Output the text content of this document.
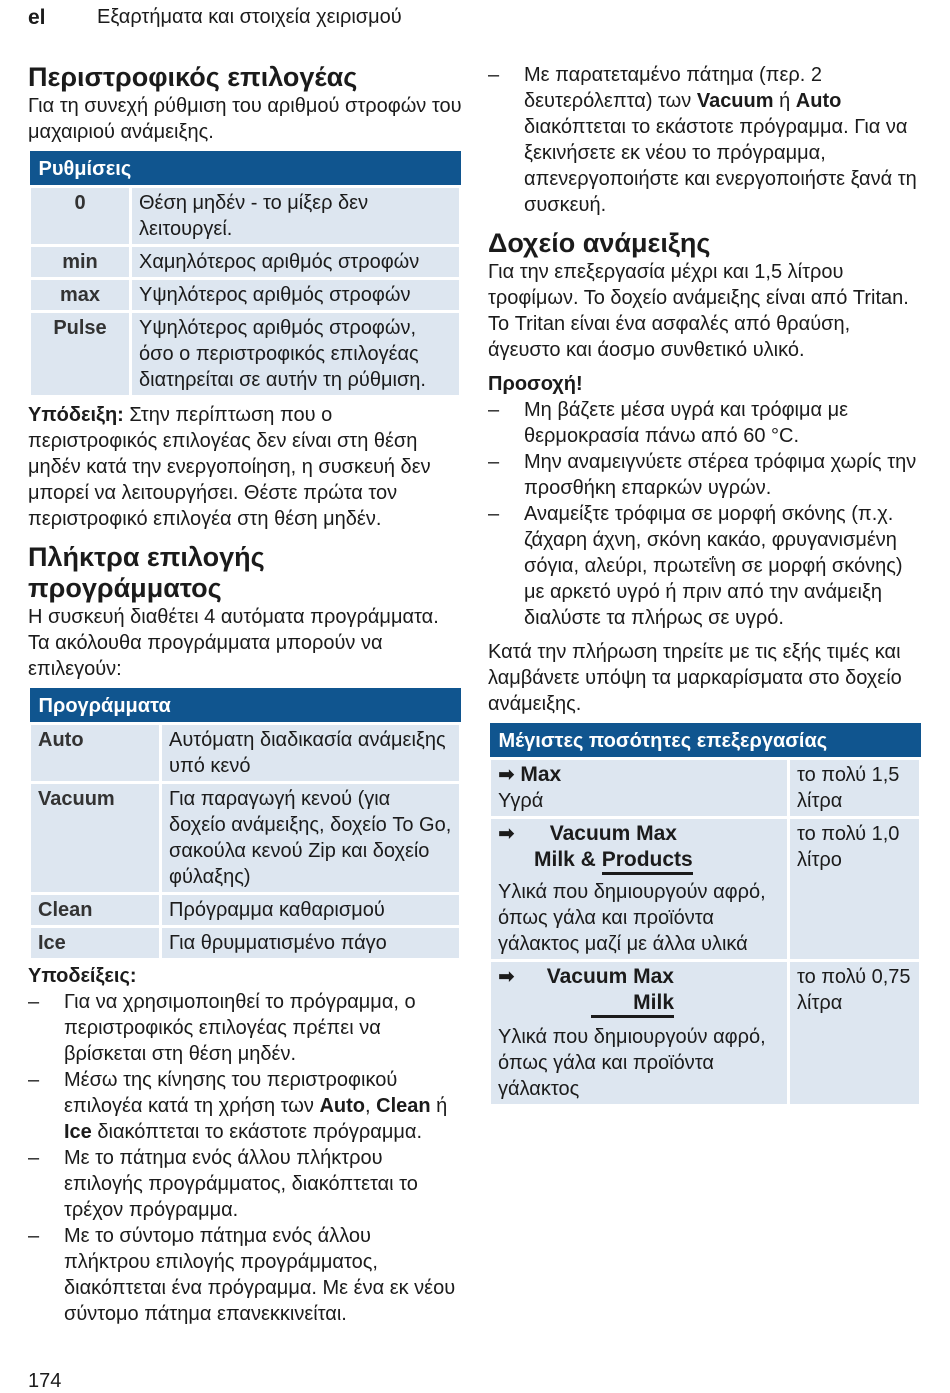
el	Εξαρτήματα και στοιχεία χειρισμού
Περιστροφικός επιλογέας

Για τη συνεχή ρύθμιση του αριθμού στροφών του μαχαιριού ανάμειξης.

Ρυθμίσεις	
0	Θέση μηδέν - το μίξερ δεν λειτουργεί.
min	Χαμηλότερος αριθμός στροφών
max	Υψηλότερος αριθμός στροφών
Pulse	Υψηλότερος αριθμός στροφών, όσο ο περιστροφικός επιλογέας διατηρείται σε αυτήν τη ρύθμιση.

Υπόδειξη: Στην περίπτωση που ο περιστροφικός επιλογέας δεν είναι στη θέση μηδέν κατά την ενεργοποίηση, η συσκευή δεν μπορεί να λειτουργήσει. Θέστε πρώτα τον περιστροφικό επιλογέα στη θέση μηδέν.

Πλήκτρα επιλογής προγράμματος

Η συσκευή διαθέτει 4 αυτόματα προγράμματα. Τα ακόλουθα προγράμματα μπορούν να επιλεγούν:

Προγράμματα	
Auto	Αυτόματη διαδικασία ανάμειξης υπό κενό
Vacuum	Για παραγωγή κενού (για δοχείο ανάμειξης, δοχείο To Go, σακούλα κενού Zip και δοχείο φύλαξης)
Clean	Πρόγραμμα καθαρισμού
Ice	Για θρυμματισμένο πάγο

Υποδείξεις:

– Για να χρησιμοποιηθεί το πρόγραμμα, ο περιστροφικός επιλογέας πρέπει να βρίσκεται στη θέση μηδέν.
– Μέσω της κίνησης του περιστροφικού επιλογέα κατά τη χρήση των Auto, Clean ή Ice διακόπτεται το εκάστοτε πρόγραμμα.
– Με το πάτημα ενός άλλου πλήκτρου επιλογής προγράμματος, διακόπτεται το τρέχον πρόγραμμα.
– Με το σύντομο πάτημα ενός άλλου πλήκτρου επιλογής προγράμματος, διακόπτεται ένα πρόγραμμα. Με ένα εκ νέου σύντομο πάτημα επανεκκινείται.
– Με παρατεταμένο πάτημα (περ. 2 δευτερόλεπτα) των Vacuum ή Auto διακόπτεται το εκάστοτε πρόγραμμα. Για να ξεκινήσετε εκ νέου το πρόγραμμα, απενεργοποιήστε και ενεργοποιήστε ξανά τη συσκευή.
Δοχείο ανάμειξης

Για την επεξεργασία μέχρι και 1,5 λίτρου τροφίμων. Το δοχείο ανάμειξης είναι από Tritan. Το Tritan είναι ένα ασφαλές από θραύση, άγευστο και άοσμο συνθετικό υλικό.

Προσοχή!

– Μη βάζετε μέσα υγρά και τρόφιμα με θερμοκρασία πάνω από 60 °C.
– Μην αναμειγνύετε στέρεα τρόφιμα χωρίς την προσθήκη επαρκών υγρών.
– Αναμείξτε τρόφιμα σε μορφή σκόνης (π.χ. ζάχαρη άχνη, σκόνη κακάο, φρυγανισμένη σόγια, αλεύρι, πρωτεΐνη σε μορφή σκόνης) με αρκετό υγρό ή πριν από την ανάμειξη διαλύστε τα πλήρως σε υγρό.

Κατά την πλήρωση τηρείτε με τις εξής τιμές και λαμβάνετε υπόψη τα μαρκαρίσματα στο δοχείο ανάμειξης.

Μέγιστες ποσότητες επεξεργασίας	

➡ Max
Υγρά	το πολύ 1,5 λίτρα

➡ Vacuum Max
Milk & Products
Υλικά που δημιουργούν αφρό, όπως γάλα και προϊόντα γάλακτος μαζί με άλλα υλικά	το πολύ 1,0 λίτρο

➡ Vacuum Max
Milk
Υλικά που δημιουργούν αφρό, όπως γάλα και προϊόντα γάλακτος	το πολύ 0,75 λίτρα
174
